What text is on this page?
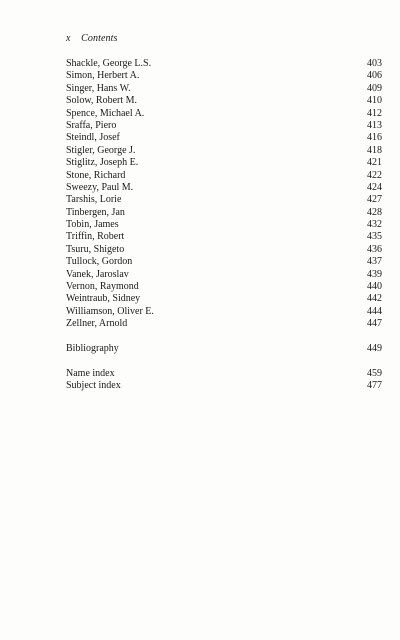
x Contents
Shackle, George L.S.	403
Simon, Herbert A.	406
Singer, Hans W.	409
Solow, Robert M.	410
Spence, Michael A.	412
Sraffa, Piero	413
Steindl, Josef	416
Stigler, George J.	418
Stiglitz, Joseph E.	421
Stone, Richard	422
Sweezy, Paul M.	424
Tarshis, Lorie	427
Tinbergen, Jan	428
Tobin, James	432
Triffin, Robert	435
Tsuru, Shigeto	436
Tullock, Gordon	437
Vanek, Jaroslav	439
Vernon, Raymond	440
Weintraub, Sidney	442
Williamson, Oliver E.	444
Zellner, Arnold	447
Bibliography	449
Name index	459
Subject index	477
